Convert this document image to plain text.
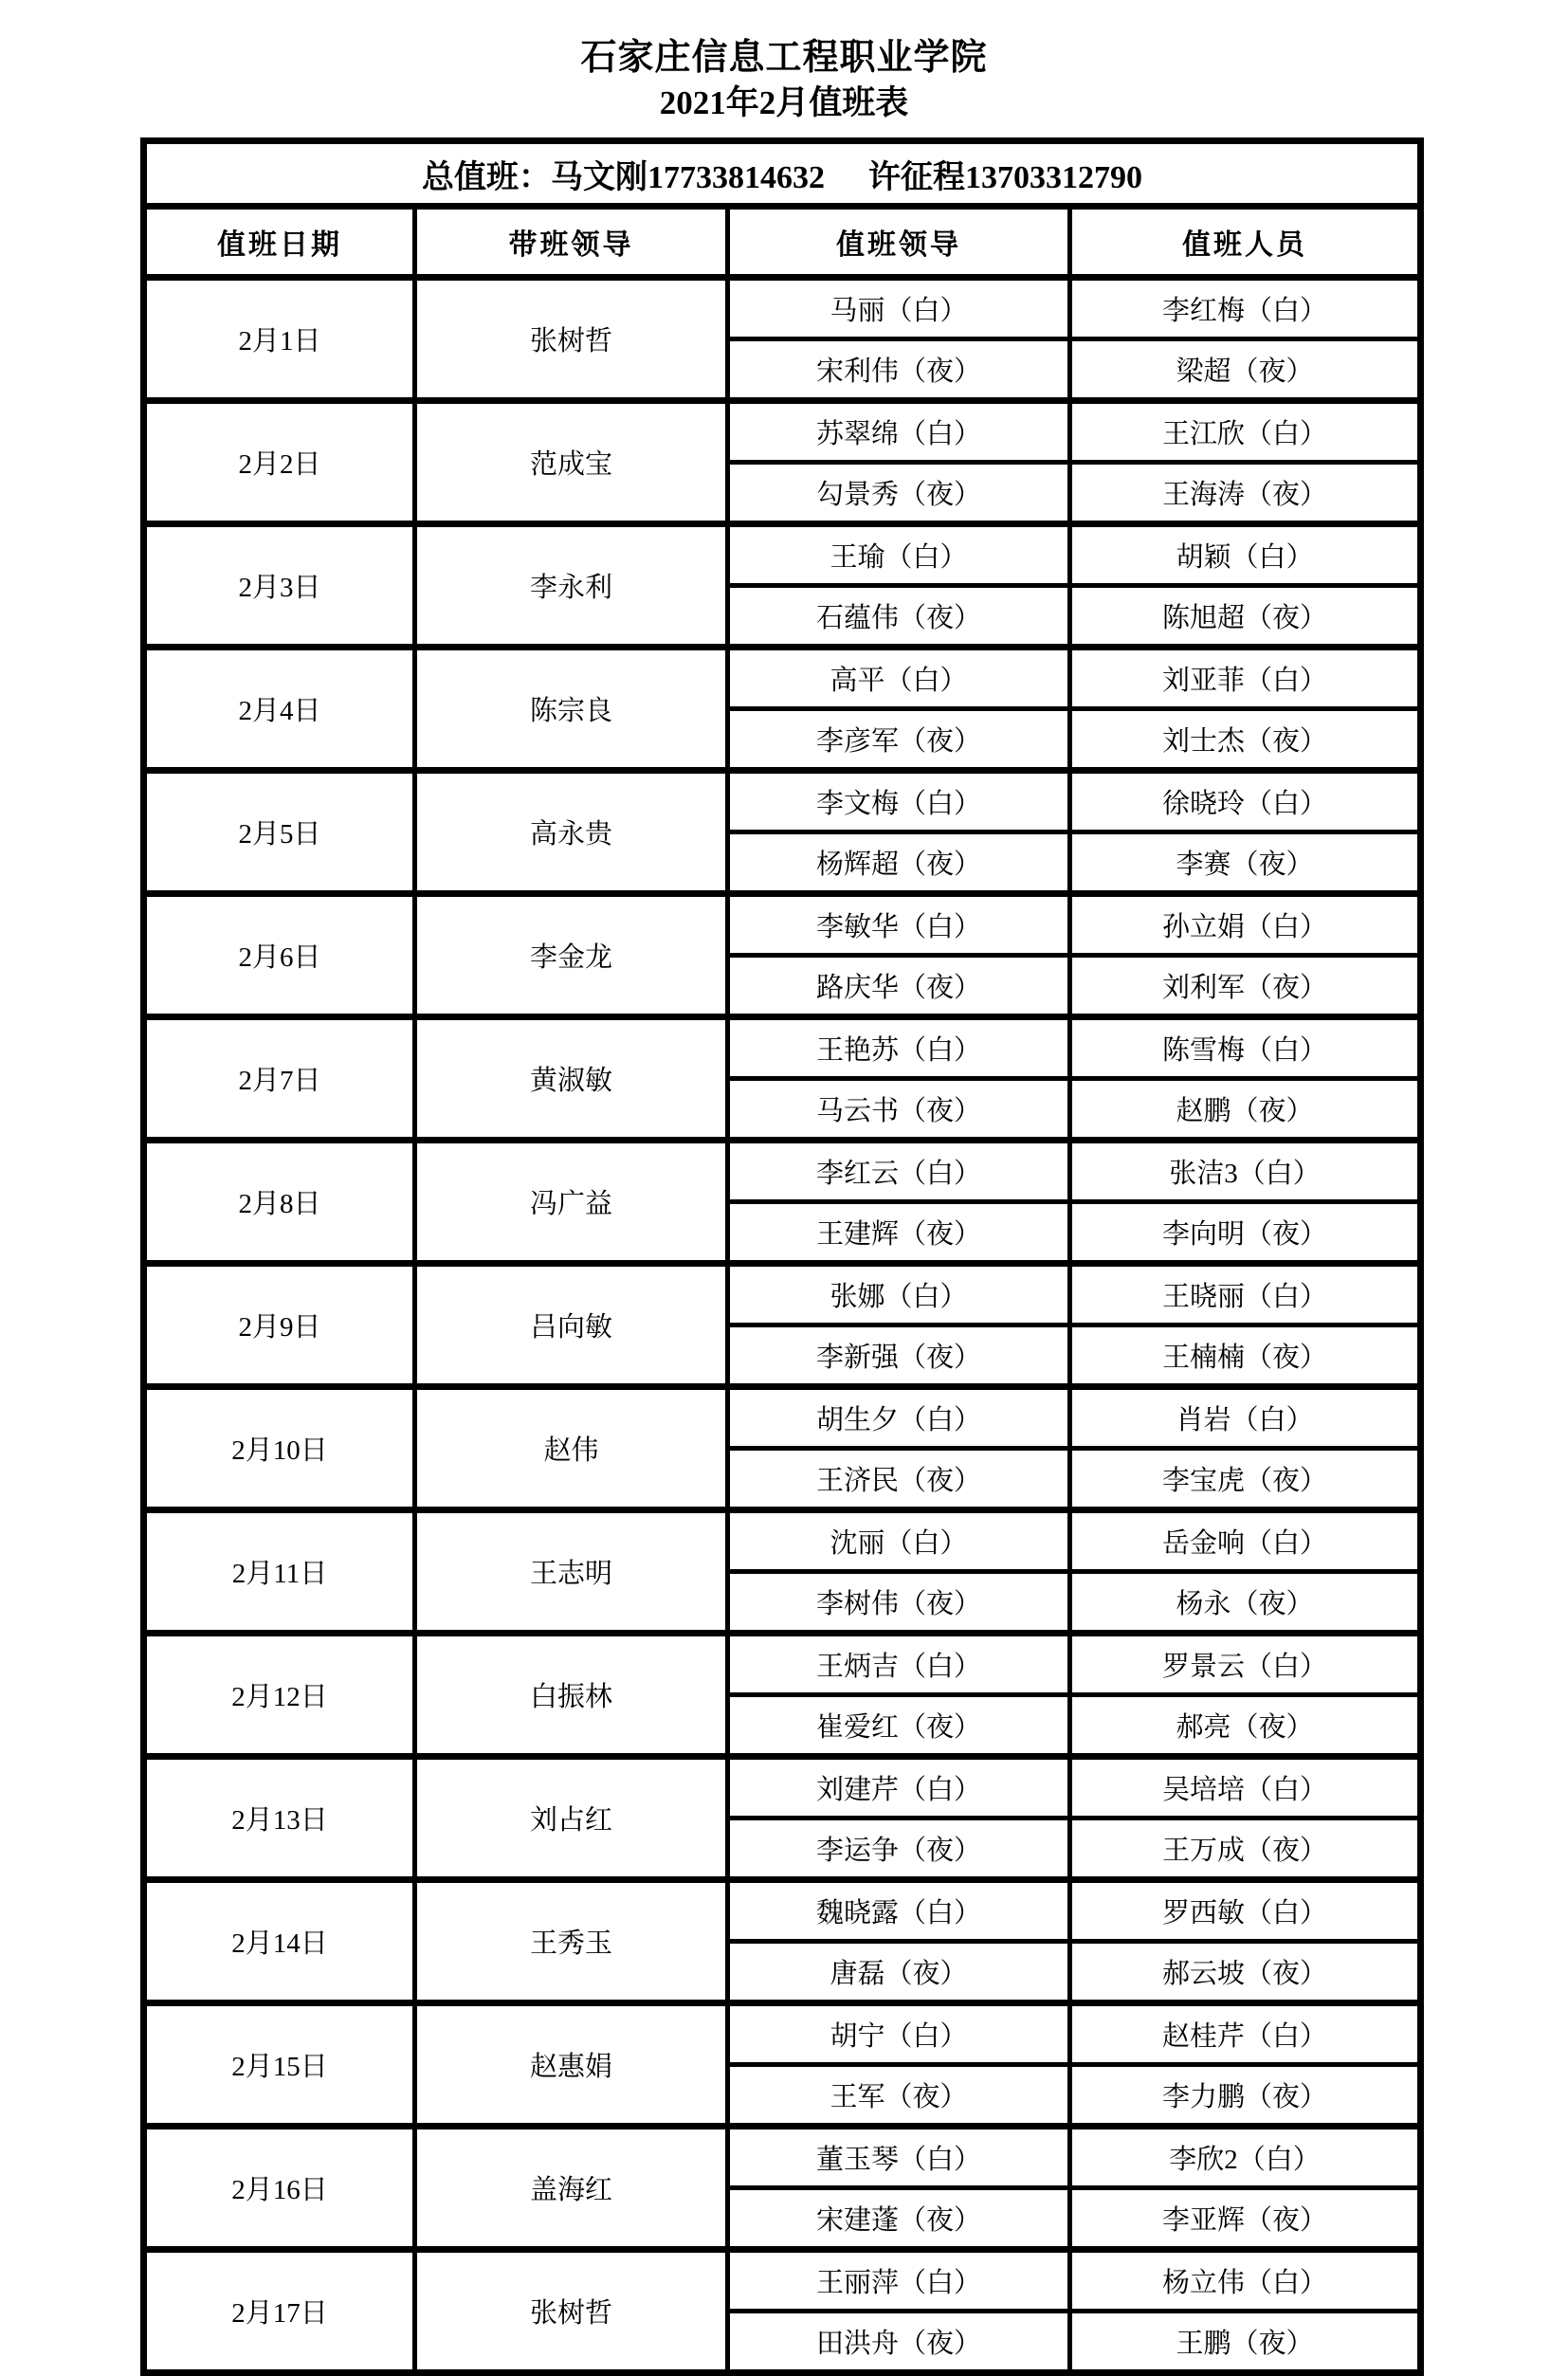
石家庄信息工程职业学院
2021年2月值班表
总值班：马文刚17733814632 许征程13703312790			
值班日期	带班领导	值班领导	值班人员
2月1日	张树哲	马丽（白）	李红梅（白）
		宋利伟（夜）	梁超（夜）
2月2日	范成宝	苏翠绵（白）	王江欣（白）
		勾景秀（夜）	王海涛（夜）
2月3日	李永利	王瑜（白）	胡颖（白）
		石蕴伟（夜）	陈旭超（夜）
2月4日	陈宗良	高平（白）	刘亚菲（白）
		李彦军（夜）	刘士杰（夜）
2月5日	高永贵	李文梅（白）	徐晓玲（白）
		杨辉超（夜）	李赛（夜）
2月6日	李金龙	李敏华（白）	孙立娟（白）
		路庆华（夜）	刘利军（夜）
2月7日	黄淑敏	王艳苏（白）	陈雪梅（白）
		马云书（夜）	赵鹏（夜）
2月8日	冯广益	李红云（白）	张洁3（白）
		王建辉（夜）	李向明（夜）
2月9日	吕向敏	张娜（白）	王晓丽（白）
		李新强（夜）	王楠楠（夜）
2月10日	赵伟	胡生夕（白）	肖岩（白）
		王济民（夜）	李宝虎（夜）
2月11日	王志明	沈丽（白）	岳金响（白）
		李树伟（夜）	杨永（夜）
2月12日	白振林	王炳吉（白）	罗景云（白）
		崔爱红（夜）	郝亮（夜）
2月13日	刘占红	刘建芹（白）	吴培培（白）
		李运争（夜）	王万成（夜）
2月14日	王秀玉	魏晓露（白）	罗西敏（白）
		唐磊（夜）	郝云坡（夜）
2月15日	赵惠娟	胡宁（白）	赵桂芹（白）
		王军（夜）	李力鹏（夜）
2月16日	盖海红	董玉琴（白）	李欣2（白）
		宋建蓬（夜）	李亚辉（夜）
2月17日	张树哲	王丽萍（白）	杨立伟（白）
		田洪舟（夜）	王鹏（夜）
